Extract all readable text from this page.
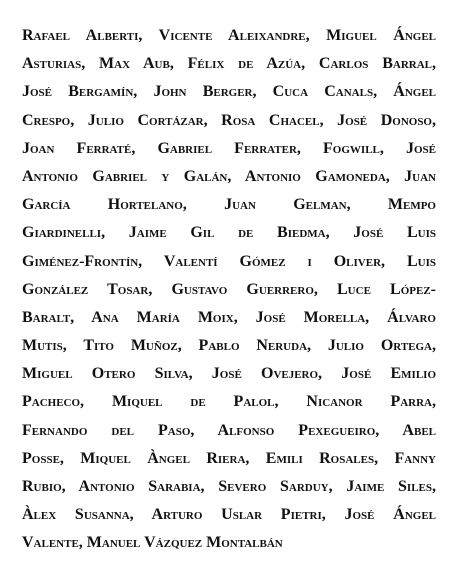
Rafael Alberti, Vicente Aleixandre, Miguel Ángel
Asturias, Max Aub, Félix de Azúa, Carlos Barral,
José Bergamín, John Berger, Cuca Canals, Ángel
Crespo, Julio Cortázar, Rosa Chacel, José Donoso,
Joan Ferraté, Gabriel Ferrater, Fogwill, José
Antonio Gabriel y Galán, Antonio Gamoneda, Juan
García Hortelano, Juan Gelman, Mempo
Giardinelli, Jaime Gil de Biedma, José Luis
Giménez-Frontín, Valentí Gómez i Oliver, Luis
González Tosar, Gustavo Guerrero, Luce López-
Baralt, Ana María Moix, José Morella, Álvaro
Mutis, Tito Muñoz, Pablo Neruda, Julio Ortega,
Miguel Otero Silva, José Ovejero, José Emilio
Pacheco, Miquel de Palol, Nicanor Parra,
Fernando del Paso, Alfonso Pexegueiro, Abel
Posse, Miquel Àngel Riera, Emili Rosales, Fanny
Rubio, Antonio Sarabia, Severo Sarduy, Jaime Siles,
Àlex Susanna, Arturo Uslar Pietri, José Ángel
Valente, Manuel Vázquez Montalbán
